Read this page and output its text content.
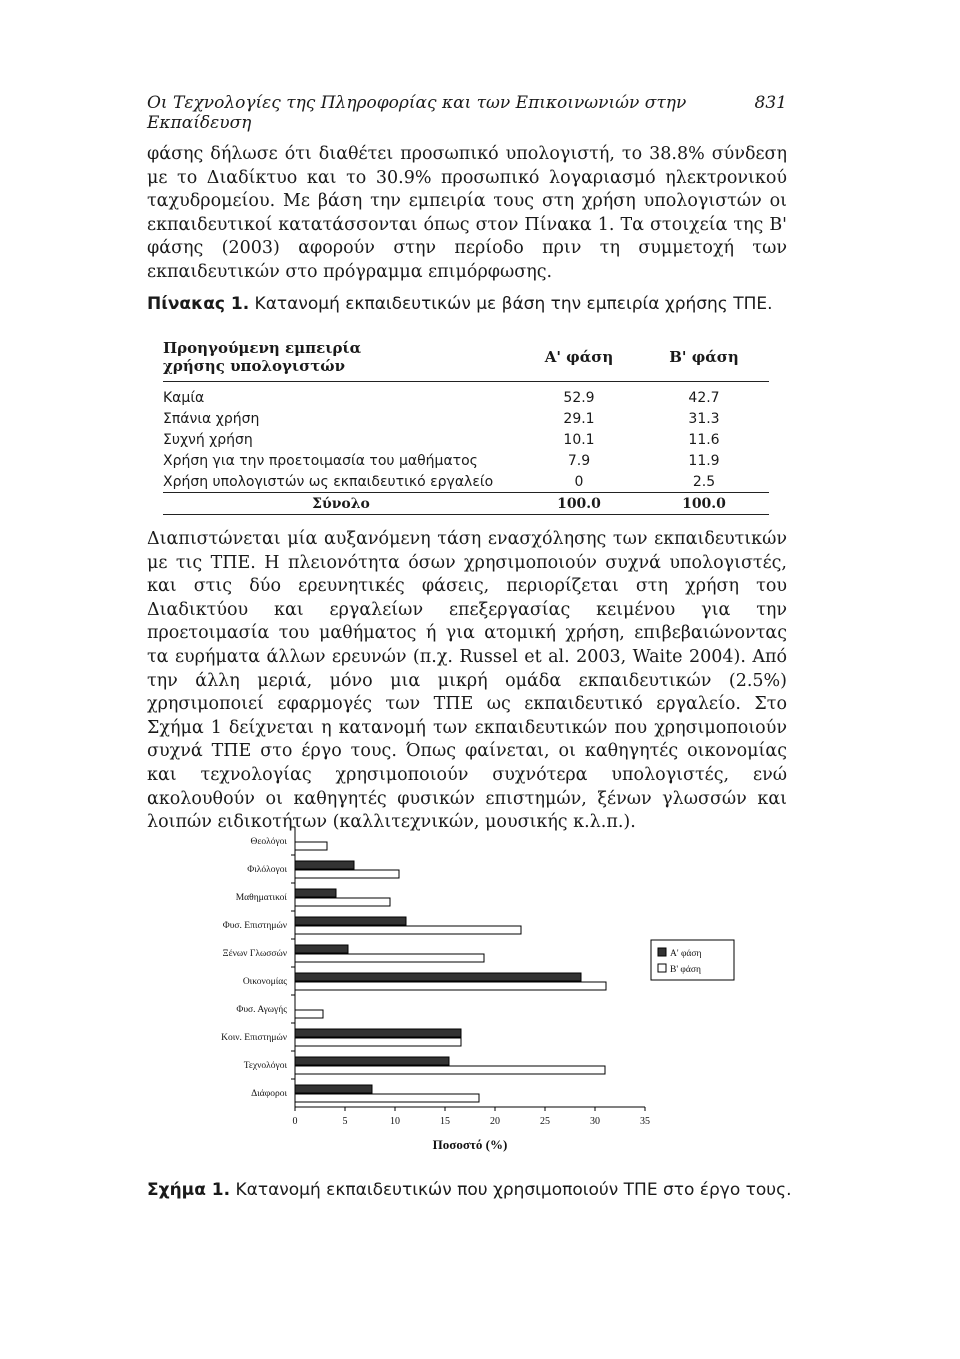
Οι Τεχνολογίες της Πληροφορίας και των Επικοινωνιών στην Εκπαίδευση
831

φάσης δήλωσε ότι διαθέτει προσωπικό υπολογιστή, το 38.8% σύνδεση με το Διαδίκτυο και το 30.9% προσωπικό λογαριασμό ηλεκτρονικού ταχυδρομείου. Με βάση την εμπειρία τους στη χρήση υπολογιστών οι εκπαιδευτικοί κατατάσσονται όπως στον Πίνακα 1. Τα στοιχεία της Β' φάσης (2003) αφορούν στην περίοδο πριν τη συμμετοχή των εκπαιδευτικών στο πρόγραμμα επιμόρφωσης.

Πίνακας 1. Κατανομή εκπαιδευτικών με βάση την εμπειρία χρήσης ΤΠΕ.
Προηγούμενη εμπειρία χρήσης υπολογιστών	Α' φάση	Β' φάση
Καμία	52.9	42.7
Σπάνια χρήση	29.1	31.3
Συχνή χρήση	10.1	11.6
Χρήση για την προετοιμασία του μαθήματος	7.9	11.9
Χρήση υπολογιστών ως εκπαιδευτικό εργαλείο	0	2.5
Σύνολο	100.0	100.0

Διαπιστώνεται μία αυξανόμενη τάση ενασχόλησης των εκπαιδευτικών με τις ΤΠΕ. Η πλειονότητα όσων χρησιμοποιούν συχνά υπολογιστές, και στις δύο ερευνητικές φάσεις, περιορίζεται στη χρήση του Διαδικτύου και εργαλείων επεξεργασίας κειμένου για την προετοιμασία του μαθήματος ή για ατομική χρήση, επιβεβαιώνοντας τα ευρήματα άλλων ερευνών (π.χ. Russel et al. 2003, Waite 2004). Από την άλλη μεριά, μόνο μια μικρή ομάδα εκπαιδευτικών (2.5%) χρησιμοποιεί εφαρμογές των ΤΠΕ ως εκπαιδευτικό εργαλείο. Στο Σχήμα 1 δείχνεται η κατανομή των εκπαιδευτικών που χρησιμοποιούν συχνά ΤΠΕ στο έργο τους. Όπως φαίνεται, οι καθηγητές οικονομίας και τεχνολογίας χρησιμοποιούν συχνότερα υπολογιστές, ενώ ακολουθούν οι καθηγητές φυσικών επιστημών, ξένων γλωσσών και λοιπών ειδικοτήτων (καλλιτεχνικών, μουσικής κ.λ.π.).

Θεολόγοι
Φιλόλογοι
Μαθηματικοί
Φυσ. Επιστημών
Ξένων Γλωσσών
Οικονομίας
Φυσ. Αγωγής
Κοιν. Επιστημών
Τεχνολόγοι
Διάφοροι
0	5	10	15	20	25	30	35
Ποσοστό (%)
Α' φάση
Β' φάση
Σχήμα 1. Κατανομή εκπαιδευτικών που χρησιμοποιούν ΤΠΕ στο έργο τους.
